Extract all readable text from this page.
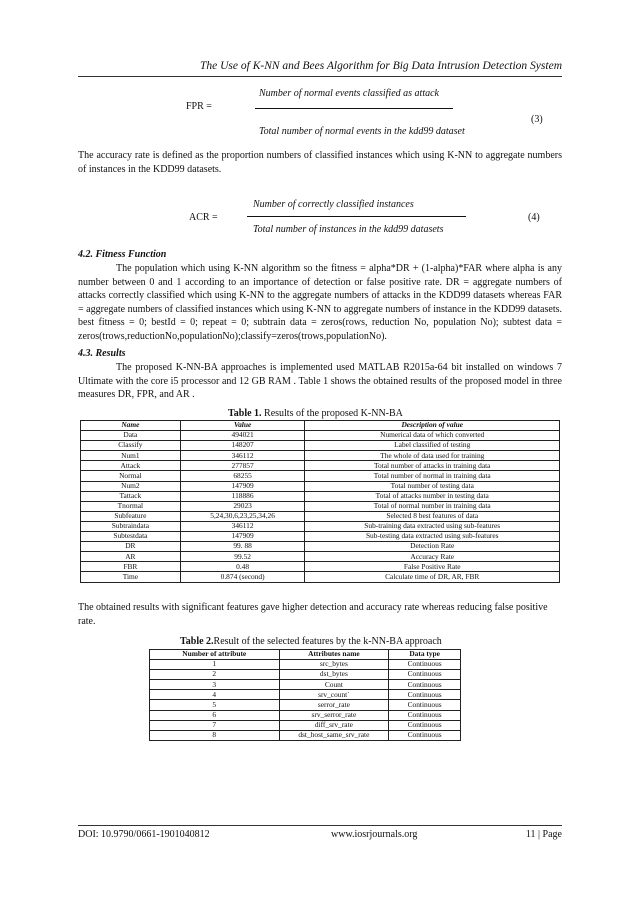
The Use of K-NN and Bees Algorithm for Big Data Intrusion Detection System
Number of normal events classified as attack
FPR =
(3)
Total number of normal events in the kdd99 dataset

The accuracy rate is defined as the proportion numbers of classified instances which using K-NN to aggregate numbers of instances in the KDD99 datasets.

Number of correctly classified instances
ACR =	(4)
Total number of instances in the kdd99 datasets
4.2. Fitness Function

The population which using K-NN algorithm so the fitness = alpha*DR + (1-alpha)*FAR where alpha is any number between 0 and 1 according to an importance of detection or false positive rate. DR = aggregate numbers of attacks correctly classified which using K-NN to the aggregate numbers of attacks in the KDD99 datasets whereas FAR = aggregate numbers of classified instances which using K-NN to aggregate numbers of instance in the KDD99 datasets. best fitness = 0; bestId = 0; repeat = 0; subtrain data = zeros(rows, reduction No, population No); subtest data = zeros(trows,reductionNo,populationNo);classify=zeros(trows,populationNo).

4.3. Results

The proposed K-NN-BA approaches is implemented used MATLAB R2015a-64 bit installed on windows 7 Ultimate with the core i5 processor and 12 GB RAM . Table 1 shows the obtained results of the proposed model in three measures DR, FPR, and AR .

Table 1. Results of the proposed K-NN-BA
Name	Value	Description of value
Data	494021	Numerical data of which converted
Classify	148207	Label classified of testing
Num1	346112	The whole of data used for training
Attack	277857	Total number of attacks in training data
Normal	68255	Total number of normal in training data
Num2	147909	Total number of testing data
Tattack	118886	Total of attacks number in testing data
Tnormal	29023	Total of normal number in training data
Subfeature	5,24,30,6,23,25,34,26	Selected 8 best features of data
Subtraindata	346112	Sub-training data extracted using sub-features
Subtestdata	147909	Sub-testing data extracted using sub-features
DR	99. 88	Detection Rate
AR	99.52	Accuracy Rate
FBR	0.48	False Positive Rate
Time	0.874 (second)	Calculate time of DR, AR, FBR

The obtained results with significant features gave higher detection and accuracy rate whereas reducing false positive rate.

Table 2.Result of the selected features by the k-NN-BA approach
Number of attribute	Attributes name	Data type
1	src_bytes	Continuous
2	dst_bytes	Continuous
3	Count	Continuous
4	srv_count`	Continuous
5	serror_rate	Continuous
6	srv_serror_rate	Continuous
7	diff_srv_rate	Continuous
8	dst_host_same_srv_rate	Continuous
DOI: 10.9790/0661-1901040812	www.iosrjournals.org	11 | Page
